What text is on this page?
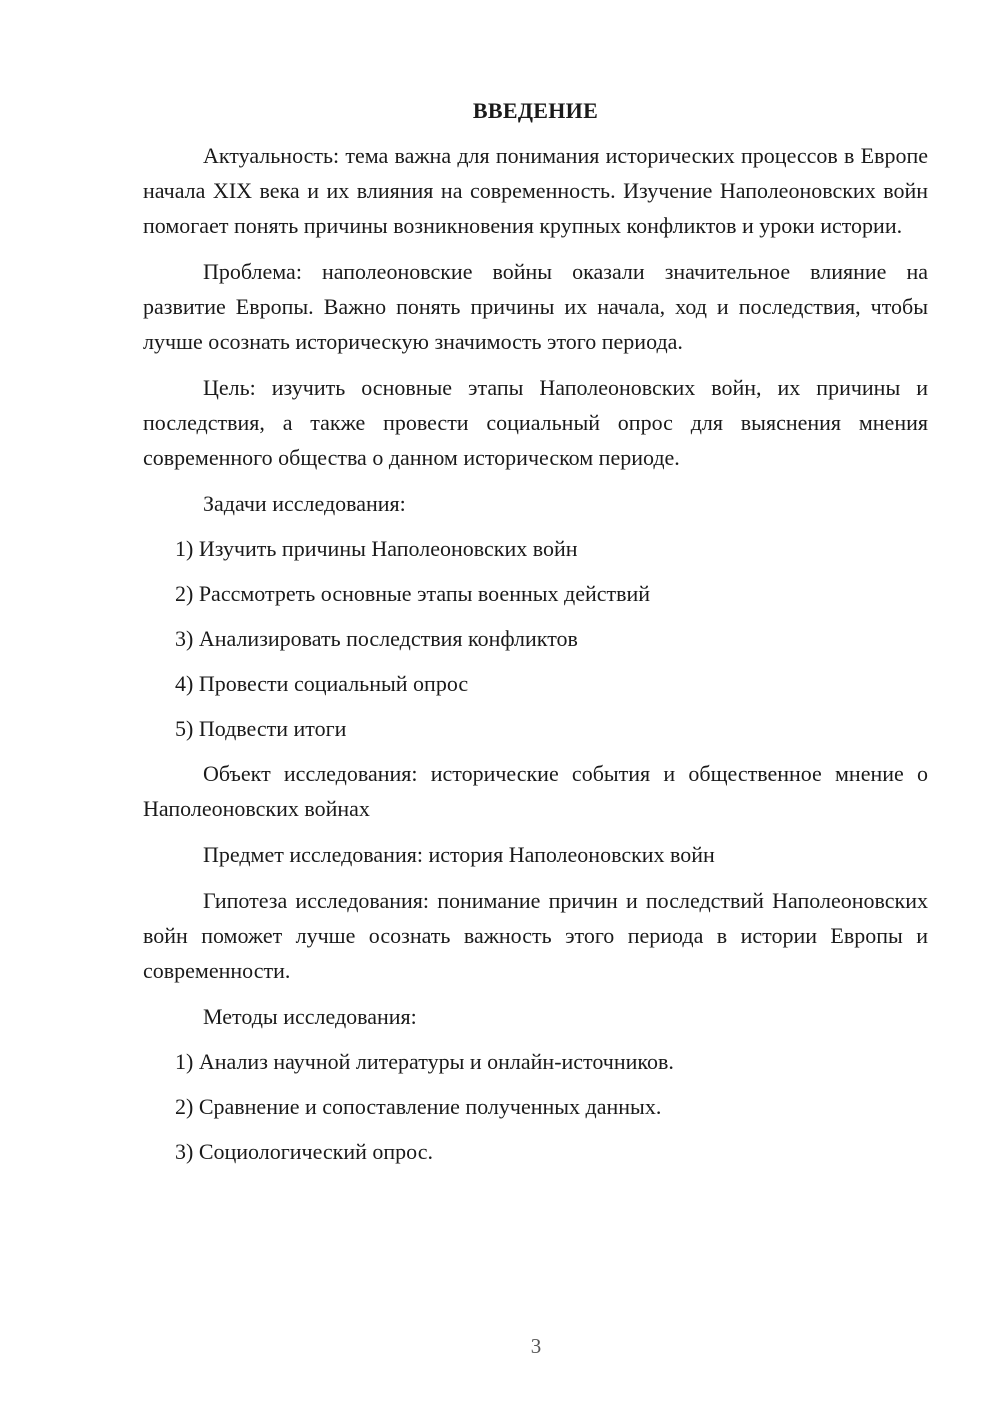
ВВЕДЕНИЕ

Актуальность: тема важна для понимания исторических процессов в Европе начала XIX века и их влияния на современность. Изучение Наполеоновских войн помогает понять причины возникновения крупных конфликтов и уроки истории.

Проблема: наполеоновские войны оказали значительное влияние на развитие Европы. Важно понять причины их начала, ход и последствия, чтобы лучше осознать историческую значимость этого периода.

Цель: изучить основные этапы Наполеоновских войн, их причины и последствия, а также провести социальный опрос для выяснения мнения современного общества о данном историческом периоде.

Задачи исследования:

1) Изучить причины Наполеоновских войн

2) Рассмотреть основные этапы военных действий

3) Анализировать последствия конфликтов

4) Провести социальный опрос

5) Подвести итоги

Объект исследования: исторические события и общественное мнение о Наполеоновских войнах

Предмет исследования: история Наполеоновских войн

Гипотеза исследования: понимание причин и последствий Наполеоновских войн поможет лучше осознать важность этого периода в истории Европы и современности.

Методы исследования:

1) Анализ научной литературы и онлайн-источников.

2) Сравнение и сопоставление полученных данных.

3) Социологический опрос.

3
